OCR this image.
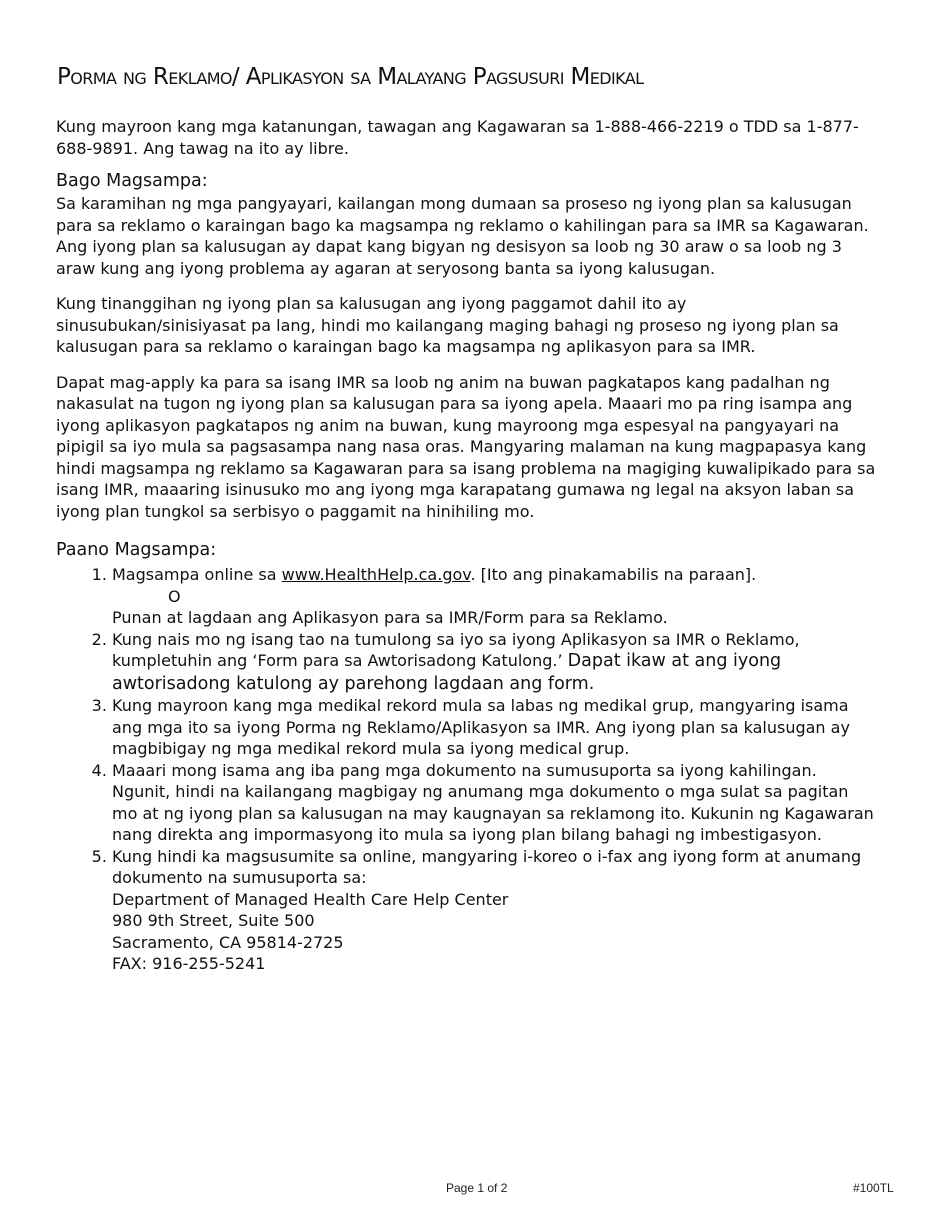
Porma ng Reklamo/ Aplikasyon sa Malayang Pagsusuri Medikal

Kung mayroon kang mga katanungan, tawagan ang Kagawaran sa 1-888-466-2219 o TDD sa 1-877-688-9891. Ang tawag na ito ay libre.

Bago Magsampa:

Sa karamihan ng mga pangyayari, kailangan mong dumaan sa proseso ng iyong plan sa kalusugan para sa reklamo o karaingan bago ka magsampa ng reklamo o kahilingan para sa IMR sa Kagawaran. Ang iyong plan sa kalusugan ay dapat kang bigyan ng desisyon sa loob ng 30 araw o sa loob ng 3 araw kung ang iyong problema ay agaran at seryosong banta sa iyong kalusugan.

Kung tinanggihan ng iyong plan sa kalusugan ang iyong paggamot dahil ito ay sinusubukan/sinisiyasat pa lang, hindi mo kailangang maging bahagi ng proseso ng iyong plan sa kalusugan para sa reklamo o karaingan bago ka magsampa ng aplikasyon para sa IMR.

Dapat mag-apply ka para sa isang IMR sa loob ng anim na buwan pagkatapos kang padalhan ng nakasulat na tugon ng iyong plan sa kalusugan para sa iyong apela. Maaari mo pa ring isampa ang iyong aplikasyon pagkatapos ng anim na buwan, kung mayroong mga espesyal na pangyayari na pipigil sa iyo mula sa pagsasampa nang nasa oras. Mangyaring malaman na kung magpapasya kang hindi magsampa ng reklamo sa Kagawaran para sa isang problema na magiging kuwalipikado para sa isang IMR, maaaring isinusuko mo ang iyong mga karapatang gumawa ng legal na aksyon laban sa iyong plan tungkol sa serbisyo o paggamit na hinihiling mo.

Paano Magsampa:
1. Magsampa online sa www.HealthHelp.ca.gov. [Ito ang pinakamabilis na paraan].
O
Punan at lagdaan ang Aplikasyon para sa IMR/Form para sa Reklamo.
2. Kung nais mo ng isang tao na tumulong sa iyo sa iyong Aplikasyon sa IMR o Reklamo, kumpletuhin ang ‘Form para sa Awtorisadong Katulong.’ Dapat ikaw at ang iyong awtorisadong katulong ay parehong lagdaan ang form.
3. Kung mayroon kang mga medikal rekord mula sa labas ng medikal grup, mangyaring isama ang mga ito sa iyong Porma ng Reklamo/Aplikasyon sa IMR. Ang iyong plan sa kalusugan ay magbibigay ng mga medikal rekord mula sa iyong medical grup.
4. Maaari mong isama ang iba pang mga dokumento na sumusuporta sa iyong kahilingan. Ngunit, hindi na kailangang magbigay ng anumang mga dokumento o mga sulat sa pagitan mo at ng iyong plan sa kalusugan na may kaugnayan sa reklamong ito. Kukunin ng Kagawaran nang direkta ang impormasyong ito mula sa iyong plan bilang bahagi ng imbestigasyon.
5. Kung hindi ka magsusumite sa online, mangyaring i-koreo o i-fax ang iyong form at anumang dokumento na sumusuporta sa:
Department of Managed Health Care Help Center
980 9th Street, Suite 500
Sacramento, CA 95814-2725
FAX: 916-255-5241
Page 1 of 2	#100TL
